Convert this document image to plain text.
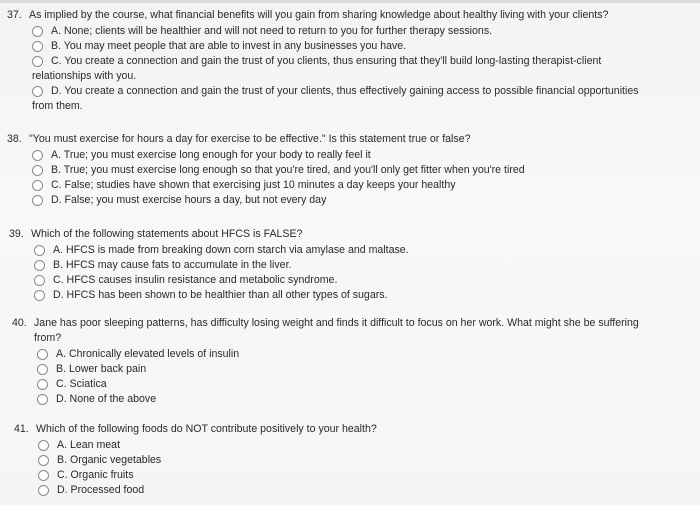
37. As implied by the course, what financial benefits will you gain from sharing knowledge about healthy living with your clients?
A. None; clients will be healthier and will not need to return to you for further therapy sessions.
B. You may meet people that are able to invest in any businesses you have.
C. You create a connection and gain the trust of you clients, thus ensuring that they'll build long-lasting therapist-client
relationships with you.
D. You create a connection and gain the trust of your clients, thus effectively gaining access to possible financial opportunities
from them.
38. "You must exercise for hours a day for exercise to be effective." Is this statement true or false?
A. True; you must exercise long enough for your body to really feel it
B. True; you must exercise long enough so that you're tired, and you'll only get fitter when you're tired
C. False; studies have shown that exercising just 10 minutes a day keeps your healthy
D. False; you must exercise hours a day, but not every day
39. Which of the following statements about HFCS is FALSE?
A. HFCS is made from breaking down corn starch via amylase and maltase.
B. HFCS may cause fats to accumulate in the liver.
C. HFCS causes insulin resistance and metabolic syndrome.
D. HFCS has been shown to be healthier than all other types of sugars.
40. Jane has poor sleeping patterns, has difficulty losing weight and finds it difficult to focus on her work. What might she be suffering
from?
A. Chronically elevated levels of insulin
B. Lower back pain
C. Sciatica
D. None of the above
41. Which of the following foods do NOT contribute positively to your health?
A. Lean meat
B. Organic vegetables
C. Organic fruits
D. Processed food
